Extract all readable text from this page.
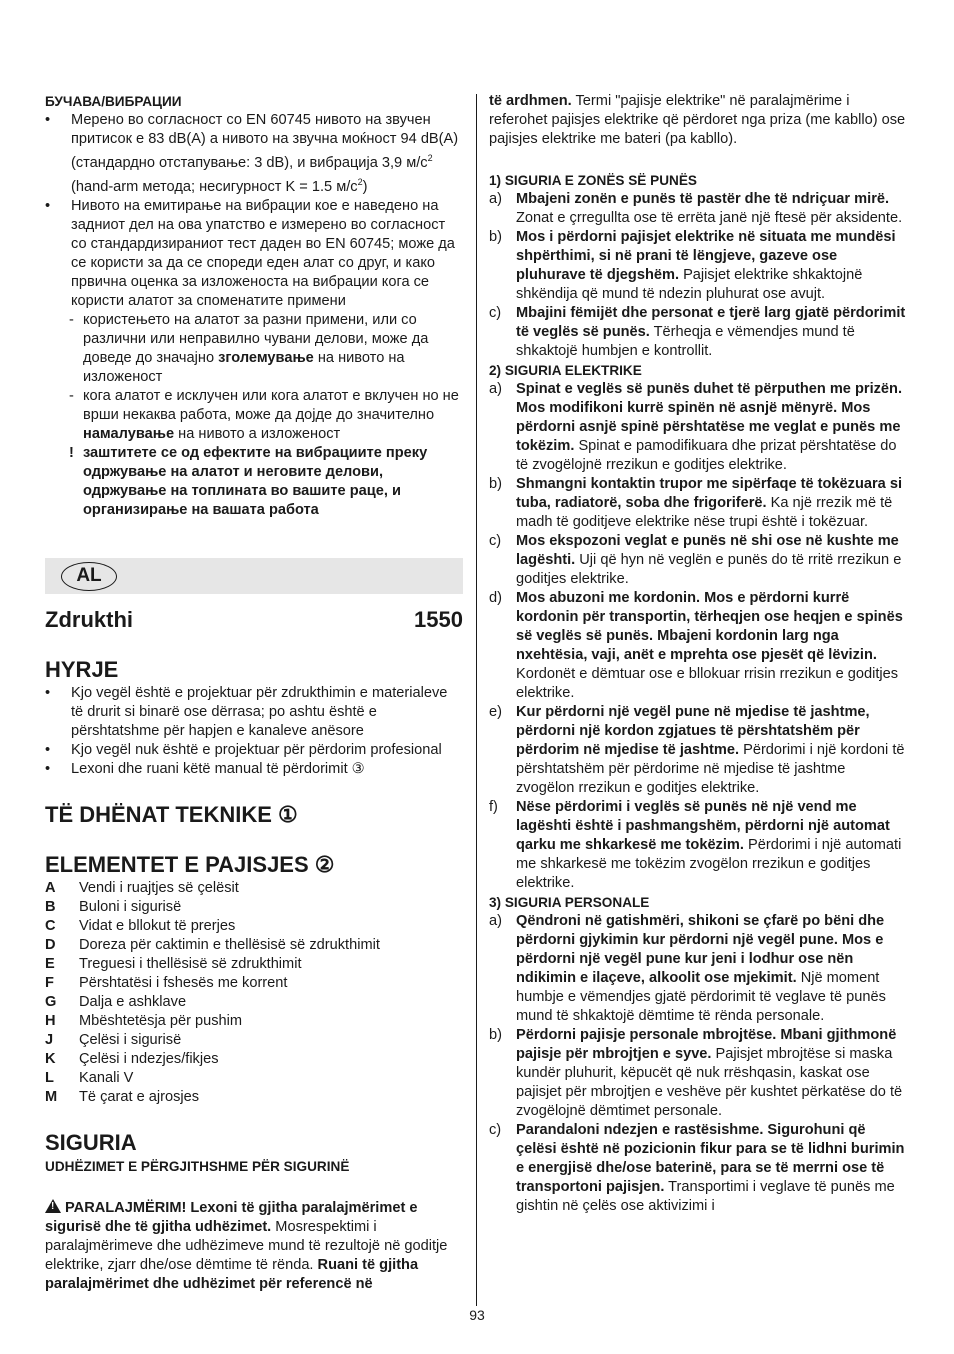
БУЧАВА/ВИБРАЦИИ

• Мерено во согласност со EN 60745 нивото на звучен притисок е 83 dB(A) а нивото на звучна моќност 94 dB(A) (стандардно отстапување: 3 dB), и вибрација 3,9 $м/с^2$ (hand-arm метода; несигурност K = 1.5 $м/с^2$)

• Нивото на емитирање на вибрации кое е наведено на задниот дел на ова упатство е измерено во согласност со стандардизираниот тест даден во EN 60745; може да се користи за да се спореди еден алат со друг, и како првична оценка за изложеноста на вибрации кога се користи алатот за споменатите примени

- користењето на алатот за разни примени, или со различни или неправилно чувани делови, може да доведе до значајно зголемување на нивото на изложеност

- кога алатот е исклучен или кога алатот е вклучен но не врши некаква работа, може да дојде до значително намалување на нивото а изложеност

! заштитете се од ефектите на вибрациите преку одржување на алатот и неговите делови, одржување на топлината во вашите раце, и организирање на вашата работа

AL
Zdrukthi	1550
HYRJE

• Kjo vegël është e projektuar për zdrukthimin e materialeve të drurit si binarë ose dërrasa; po ashtu është e përshtatshme për hapjen e kanaleve anësore

• Kjo vegël nuk është e projektuar për përdorim profesional

• Lexoni dhe ruani këtë manual të përdorimit ③

TË DHËNAT TEKNIKE ①
ELEMENTET E PAJISJES ②
A	Vendi i ruajtjes së çelësit
B	Buloni i sigurisë
C	Vidat e bllokut të prerjes
D	Doreza për caktimin e thellësisë së zdrukthimit
E	Treguesi i thellësisë së zdrukthimit
F	Përshtatësi i fshesës me korrent
G	Dalja e ashklave
H	Mbështetësja për pushim
J	Çelësi i sigurisë
K	Çelësi i ndezjes/fikjes
L	Kanali V
M	Të çarat e ajrosjes
SIGURIA

UDHËZIMET E PËRGJITHSHME PËR SIGURINË

!PARALAJMËRIM! Lexoni të gjitha paralajmërimet e sigurisë dhe të gjitha udhëzimet. Mosrespektimi i paralajmërimeve dhe udhëzimeve mund të rezultojë në goditje elektrike, zjarr dhe/ose dëmtime të rënda. Ruani të gjitha paralajmërimet dhe udhëzimet për referencë në

të ardhmen. Termi "pajisje elektrike" në paralajmërime i referohet pajisjes elektrike që përdoret nga priza (me kabllo) ose pajisjes elektrike me bateri (pa kabllo).

1) SIGURIA E ZONËS SË PUNËS

a) Mbajeni zonën e punës të pastër dhe të ndriçuar mirë. Zonat e çrregullta ose të errëta janë një ftesë për aksidente.

b) Mos i përdorni pajisjet elektrike në situata me mundësi shpërthimi, si në prani të lëngjeve, gazeve ose pluhurave të djegshëm. Pajisjet elektrike shkaktojnë shkëndija që mund të ndezin pluhurat ose avujt.

c) Mbajini fëmijët dhe personat e tjerë larg gjatë përdorimit të veglës së punës. Tërheqja e vëmendjes mund të shkaktojë humbjen e kontrollit.

2) SIGURIA ELEKTRIKE

a) Spinat e veglës së punës duhet të përputhen me prizën. Mos modifikoni kurrë spinën në asnjë mënyrë. Mos përdorni asnjë spinë përshtatëse me veglat e punës me tokëzim. Spinat e pamodifikuara dhe prizat përshtatëse do të zvogëlojnë rrezikun e goditjes elektrike.

b) Shmangni kontaktin trupor me sipërfaqe të tokëzuara si tuba, radiatorë, soba dhe frigoriferë. Ka një rrezik më të madh të goditjeve elektrike nëse trupi është i tokëzuar.

c) Mos ekspozoni veglat e punës në shi ose në kushte me lagështi. Uji që hyn në veglën e punës do të rritë rrezikun e goditjes elektrike.

d) Mos abuzoni me kordonin. Mos e përdorni kurrë kordonin për transportin, tërheqjen ose heqjen e spinës së veglës së punës. Mbajeni kordonin larg nga nxehtësia, vaji, anët e mprehta ose pjesët që lëvizin. Kordonët e dëmtuar ose e bllokuar rrisin rrezikun e goditjes elektrike.

e) Kur përdorni një vegël pune në mjedise të jashtme, përdorni një kordon zgjatues të përshtatshëm për përdorim në mjedise të jashtme. Përdorimi i një kordoni të përshtatshëm për përdorime në mjedise të jashtme zvogëlon rrezikun e goditjes elektrike.

f) Nëse përdorimi i veglës së punës në një vend me lagështi është i pashmangshëm, përdorni një automat qarku me shkarkesë me tokëzim. Përdorimi i një automati me shkarkesë me tokëzim zvogëlon rrezikun e goditjes elektrike.

3) SIGURIA PERSONALE

a) Qëndroni në gatishmëri, shikoni se çfarë po bëni dhe përdorni gjykimin kur përdorni një vegël pune. Mos e përdorni një vegël pune kur jeni i lodhur ose nën ndikimin e ilaçeve, alkoolit ose mjekimit. Një moment humbje e vëmendjes gjatë përdorimit të veglave të punës mund të shkaktojë dëmtime të rënda personale.

b) Përdorni pajisje personale mbrojtëse. Mbani gjithmonë pajisje për mbrojtjen e syve. Pajisjet mbrojtëse si maska kundër pluhurit, këpucët që nuk rrëshqasin, kaskat ose pajisjet për mbrojtjen e veshëve për kushtet përkatëse do të zvogëlojnë dëmtimet personale.

c) Parandaloni ndezjen e rastësishme. Sigurohuni që çelësi është në pozicionin fikur para se të lidhni burimin e energjisë dhe/ose baterinë, para se të merrni ose të transportoni pajisjen. Transportimi i veglave të punës me gishtin në çelës ose aktivizimi i

93
